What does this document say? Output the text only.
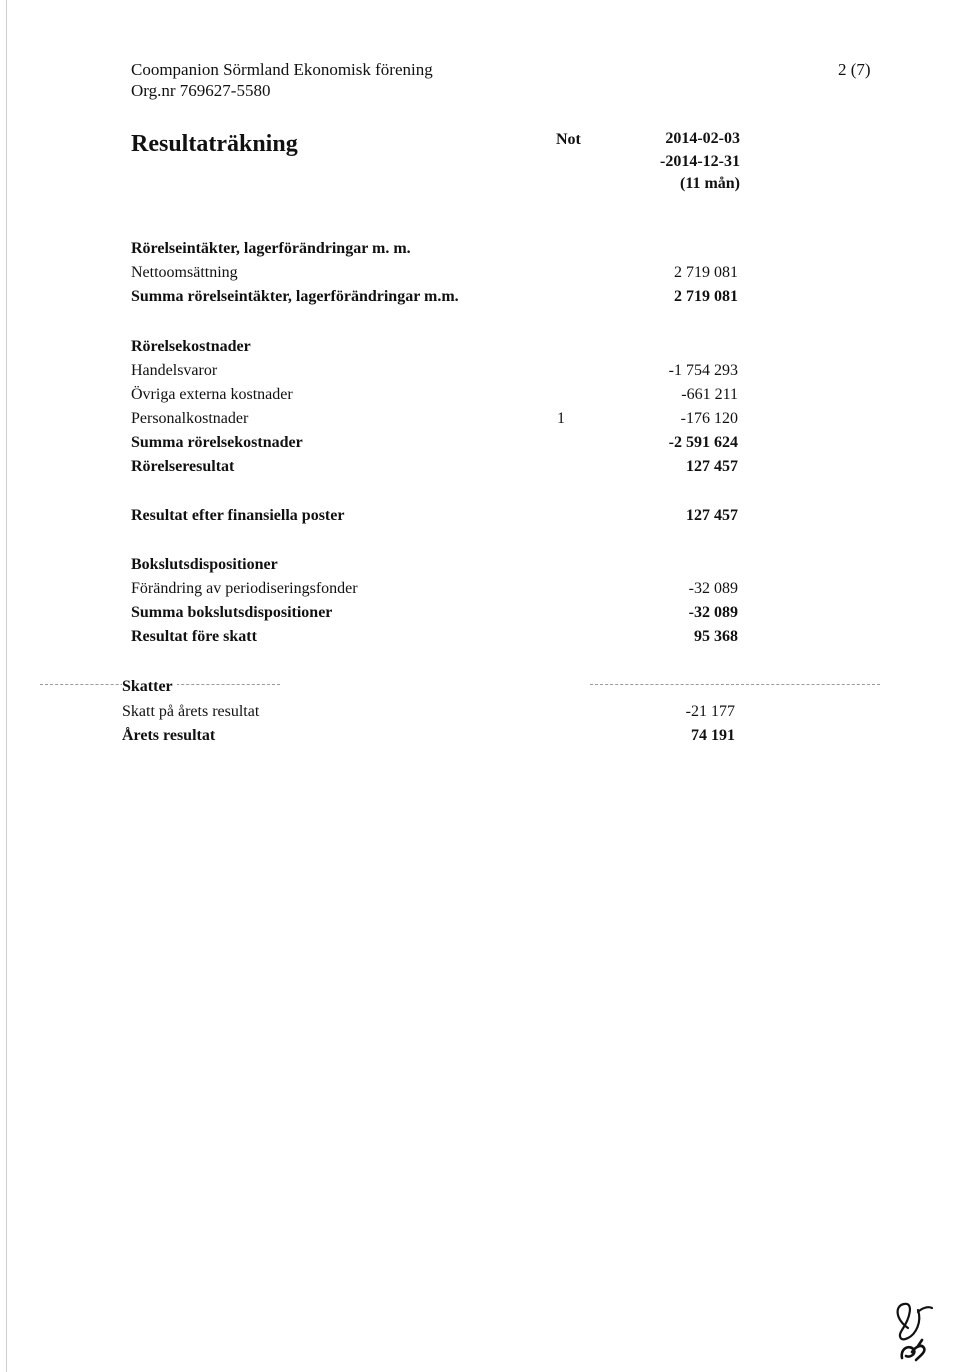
Coompanion Sörmland Ekonomisk förening
Org.nr 769627-5580
2 (7)
Resultaträkning	Not	2014-02-03
-2014-12-31
(11 mån)
Rörelseintäkter, lagerförändringar m. m.
Nettoomsättning	2 719 081
Summa rörelseintäkter, lagerförändringar m.m.	2 719 081
Rörelsekostnader
Handelsvaror	-1 754 293
Övriga externa kostnader	-661 211
Personalkostnader	1	-176 120
Summa rörelsekostnader	-2 591 624
Rörelseresultat	127 457
Resultat efter finansiella poster	127 457
Bokslutsdispositioner
Förändring av periodiseringsfonder	-32 089
Summa bokslutsdispositioner	-32 089
Resultat före skatt	95 368
Skatter
Skatt på årets resultat	-21 177
Årets resultat	74 191
